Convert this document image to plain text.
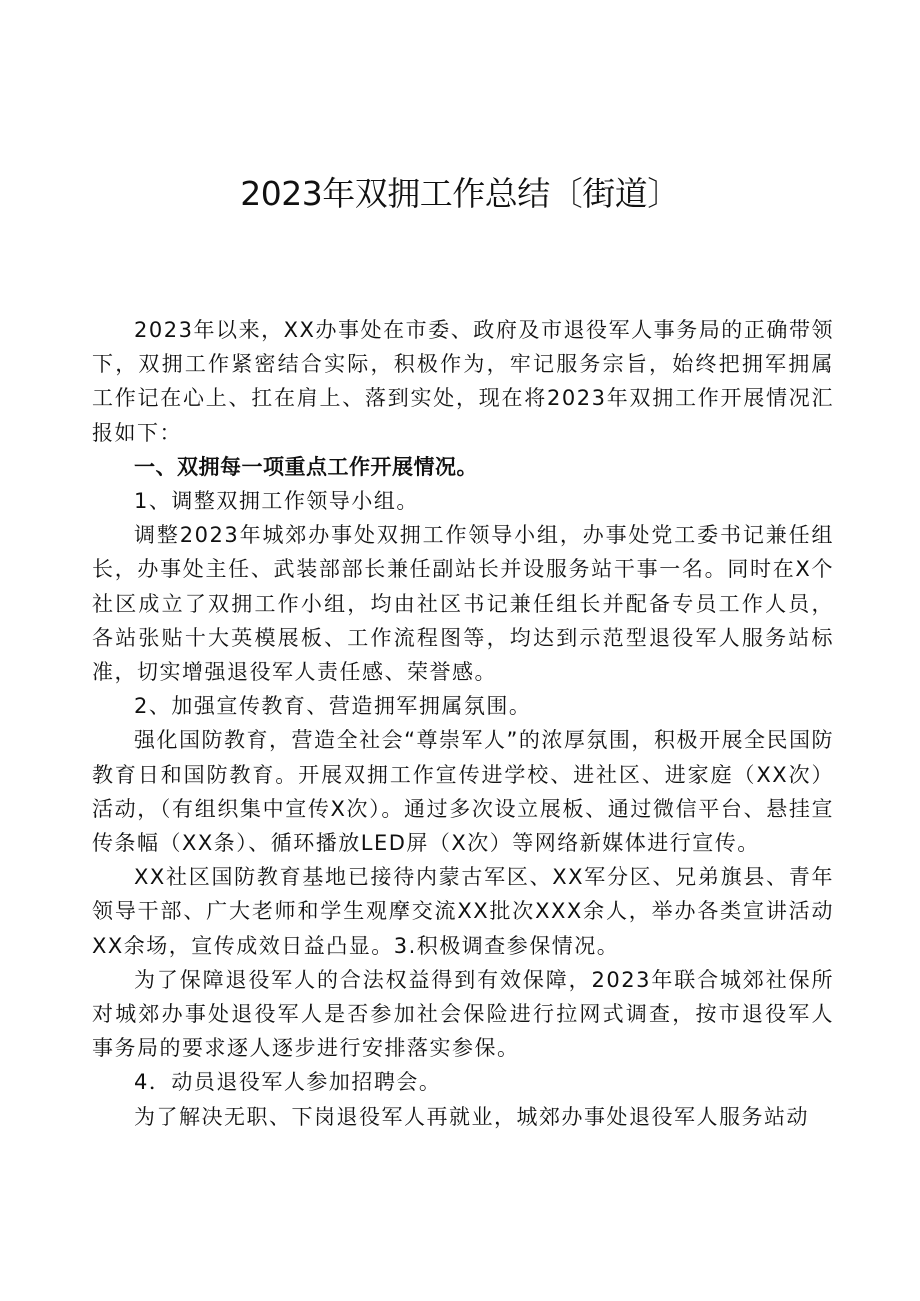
2023年双拥工作总结〔街道〕

2023年以来，XX办事处在市委、政府及市退役军人事务局的正确带领下，双拥工作紧密结合实际，积极作为，牢记服务宗旨，始终把拥军拥属工作记在心上、扛在肩上、落到实处，现在将2023年双拥工作开展情况汇报如下：

一、双拥每一项重点工作开展情况。

1、调整双拥工作领导小组。

调整2023年城郊办事处双拥工作领导小组，办事处党工委书记兼任组长，办事处主任、武装部部长兼任副站长并设服务站干事一名。同时在X个社区成立了双拥工作小组，均由社区书记兼任组长并配备专员工作人员，各站张贴十大英模展板、工作流程图等，均达到示范型退役军人服务站标准，切实增强退役军人责任感、荣誉感。

2、加强宣传教育、营造拥军拥属氛围。

强化国防教育，营造全社会“尊崇军人”的浓厚氛围，积极开展全民国防教育日和国防教育。开展双拥工作宣传进学校、进社区、进家庭（XX次）活动，（有组织集中宣传X次）。通过多次设立展板、通过微信平台、悬挂宣传条幅（XX条）、循环播放LED屏（X次）等网络新媒体进行宣传。

XX社区国防教育基地已接待内蒙古军区、XX军分区、兄弟旗县、青年领导干部、广大老师和学生观摩交流XX批次XXX余人，举办各类宣讲活动XX余场，宣传成效日益凸显。3.积极调查参保情况。

为了保障退役军人的合法权益得到有效保障，2023年联合城郊社保所对城郊办事处退役军人是否参加社会保险进行拉网式调查，按市退役军人事务局的要求逐人逐步进行安排落实参保。

4．动员退役军人参加招聘会。

为了解决无职、下岗退役军人再就业，城郊办事处退役军人服务站动
